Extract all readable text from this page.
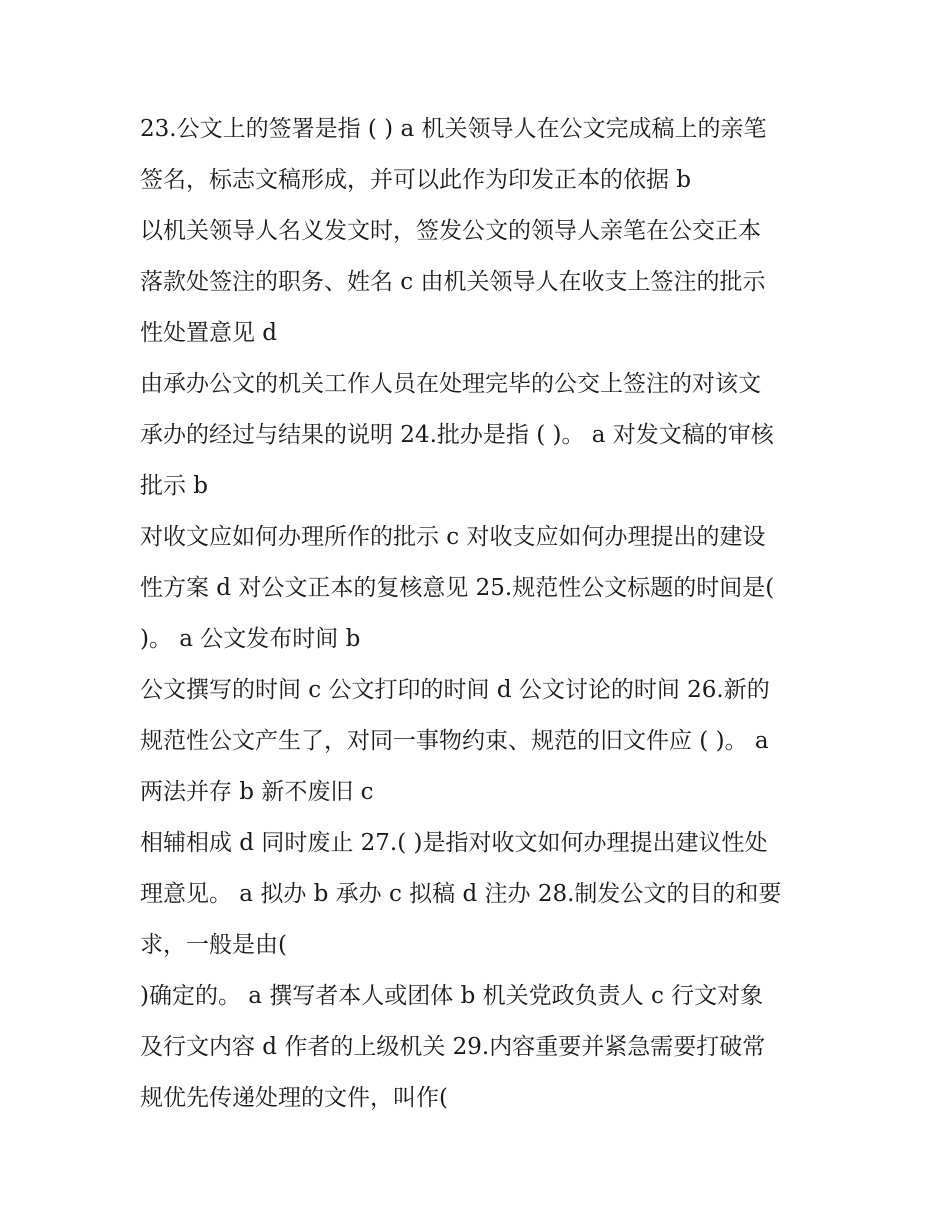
23.公文上的签署是指 ( ) a 机关领导人在公文完成稿上的亲笔
签名，标志文稿形成，并可以此作为印发正本的依据 b
以机关领导人名义发文时，签发公文的领导人亲笔在公交正本
落款处签注的职务、姓名 c 由机关领导人在收支上签注的批示
性处置意见 d
由承办公文的机关工作人员在处理完毕的公交上签注的对该文
承办的经过与结果的说明 24.批办是指 ( )。 a 对发文稿的审核
批示 b
对收文应如何办理所作的批示 c 对收支应如何办理提出的建设
性方案 d 对公文正本的复核意见 25.规范性公文标题的时间是(
)。 a 公文发布时间 b
公文撰写的时间 c 公文打印的时间 d 公文讨论的时间 26.新的
规范性公文产生了，对同一事物约束、规范的旧文件应 ( )。 a
两法并存 b 新不废旧 c
相辅相成 d 同时废止 27.( )是指对收文如何办理提出建议性处
理意见。 a 拟办 b 承办 c 拟稿 d 注办 28.制发公文的目的和要
求，一般是由(
)确定的。 a 撰写者本人或团体 b 机关党政负责人 c 行文对象
及行文内容 d 作者的上级机关 29.内容重要并紧急需要打破常
规优先传递处理的文件，叫作(
